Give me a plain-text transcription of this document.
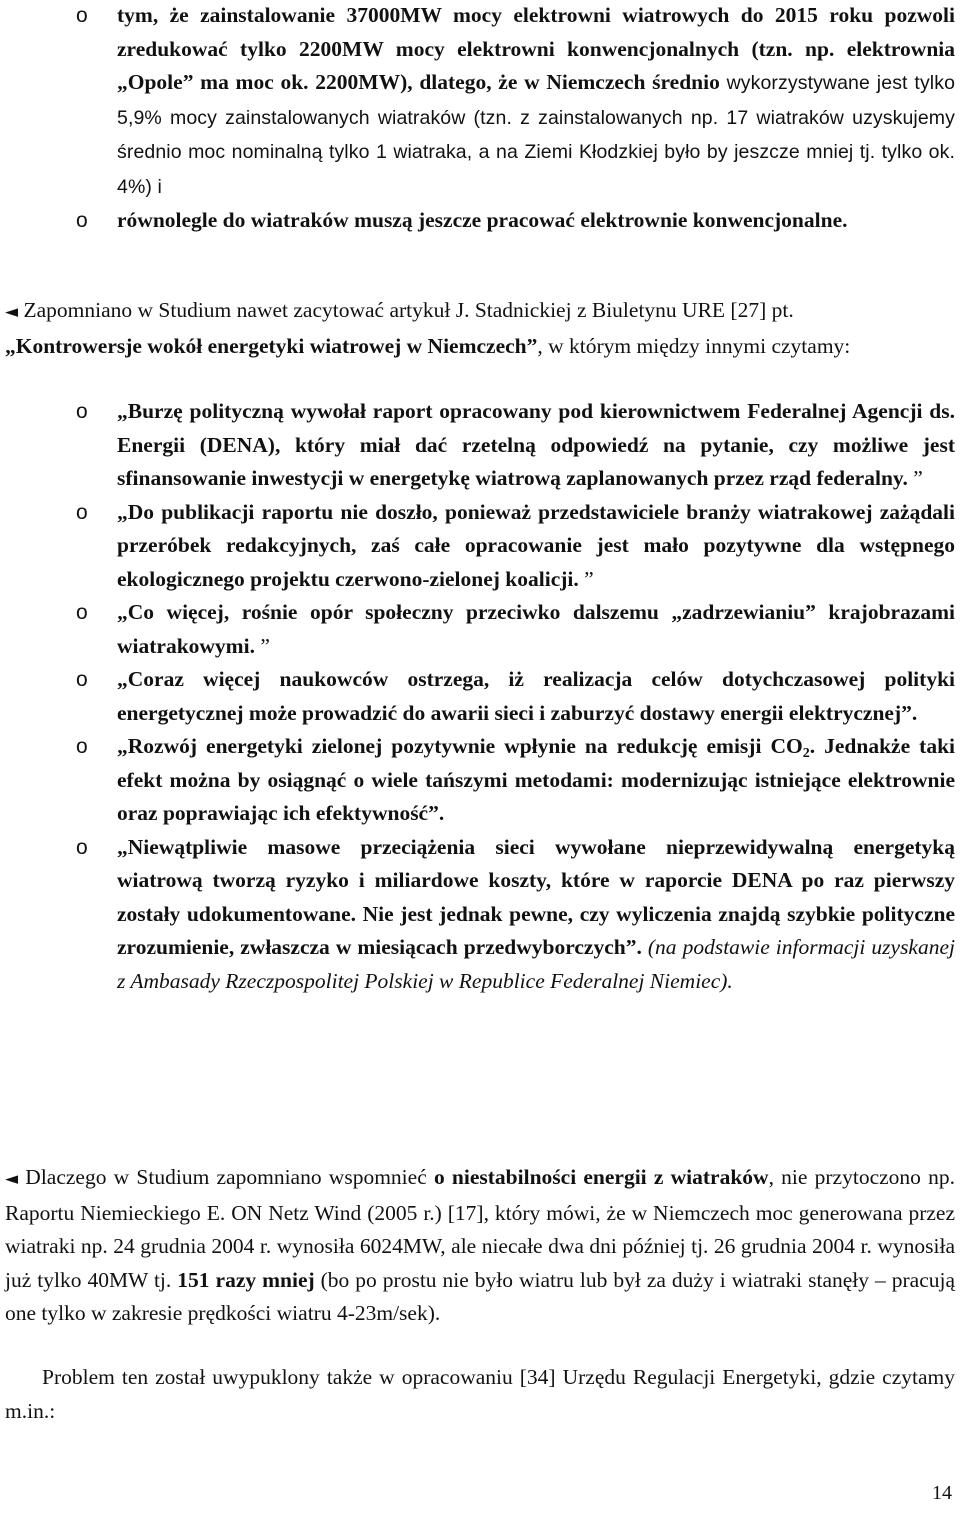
o tym, że zainstalowanie 37000MW mocy elektrowni wiatrowych do 2015 roku pozwoli zredukować tylko 2200MW mocy elektrowni konwencjonalnych (tzn. np. elektrownia „Opole” ma moc ok. 2200MW), dlatego, że w Niemczech średnio wykorzystywane jest tylko 5,9% mocy zainstalowanych wiatraków (tzn. z zainstalowanych np. 17 wiatraków uzyskujemy średnio moc nominalną tylko 1 wiatraka, a na Ziemi Kłodzkiej było by jeszcze mniej tj. tylko ok. 4%) i
o równolegle do wiatraków muszą jeszcze pracować elektrownie konwencjonalne.
◄ Zapomniano w Studium nawet zacytować artykuł J. Stadnickiej z Biuletynu URE [27] pt.
„Kontrowersje wokół energetyki wiatrowej w Niemczech”, w którym między innymi czytamy:
o „Burzę polityczną wywołał raport opracowany pod kierownictwem Federalnej Agencji ds. Energii (DENA), który miał dać rzetelną odpowiedź na pytanie, czy możliwe jest sfinansowanie inwestycji w energetykę wiatrową zaplanowanych przez rząd federalny. ”
o „Do publikacji raportu nie doszło, ponieważ przedstawiciele branży wiatrakowej zażądali przeróbek redakcyjnych, zaś całe opracowanie jest mało pozytywne dla wstępnego ekologicznego projektu czerwono-zielonej koalicji. ”
o „Co więcej, rośnie opór społeczny przeciwko dalszemu „zadrzewianiu” krajobrazami wiatrakowymi. ”
o „Coraz więcej naukowców ostrzega, iż realizacja celów dotychczasowej polityki energetycznej może prowadzić do awarii sieci i zaburzyć dostawy energii elektrycznej”.
o „Rozwój energetyki zielonej pozytywnie wpłynie na redukcję emisji $CO_2$. Jednakże taki efekt można by osiągnąć o wiele tańszymi metodami: modernizując istniejące elektrownie oraz poprawiając ich efektywność”.
o „Niewątpliwie masowe przeciążenia sieci wywołane nieprzewidywalną energetyką wiatrową tworzą ryzyko i miliardowe koszty, które w raporcie DENA po raz pierwszy zostały udokumentowane. Nie jest jednak pewne, czy wyliczenia znajdą szybkie polityczne zrozumienie, zwłaszcza w miesiącach przedwyborczych”. (na podstawie informacji uzyskanej z Ambasady Rzeczpospolitej Polskiej w Republice Federalnej Niemiec).
◄ Dlaczego w Studium zapomniano wspomnieć o niestabilności energii z wiatraków, nie przytoczono np. Raportu Niemieckiego E. ON Netz Wind (2005 r.) [17], który mówi, że w Niemczech moc generowana przez wiatraki np. 24 grudnia 2004 r. wynosiła 6024MW, ale niecałe dwa dni później tj. 26 grudnia 2004 r. wynosiła już tylko 40MW tj. 151 razy mniej (bo po prostu nie było wiatru lub był za duży i wiatraki stanęły – pracują one tylko w zakresie prędkości wiatru 4-23m/sek).
Problem ten został uwypuklony także w opracowaniu [34] Urzędu Regulacji Energetyki, gdzie czytamy m.in.:
14
